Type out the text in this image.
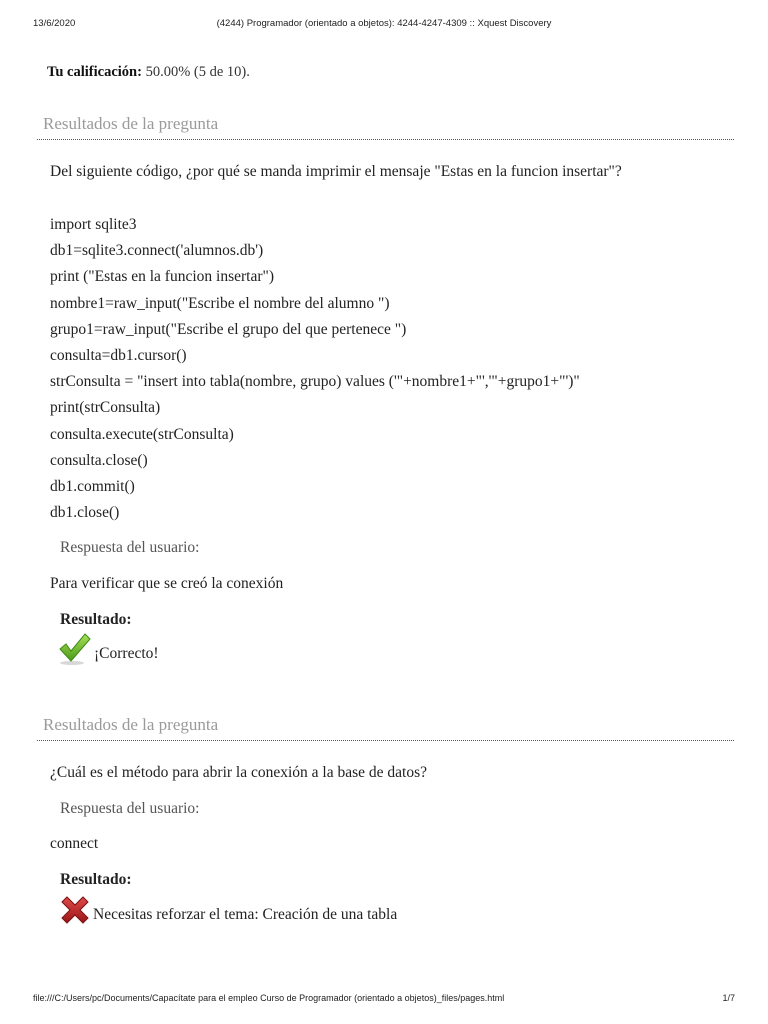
13/6/2020	(4244) Programador (orientado a objetos): 4244-4247-4309 :: Xquest Discovery
Tu calificación: 50.00% (5 de 10).
Resultados de la pregunta
Del siguiente código, ¿por qué se manda imprimir el mensaje "Estas en la funcion insertar"?
import sqlite3
db1=sqlite3.connect('alumnos.db')
print ("Estas en la funcion insertar")
nombre1=raw_input("Escribe el nombre del alumno ")
grupo1=raw_input("Escribe el grupo del que pertenece ")
consulta=db1.cursor()
strConsulta = "insert into tabla(nombre, grupo) values ('"+nombre1+"','"+grupo1+"')"
print(strConsulta)
consulta.execute(strConsulta)
consulta.close()
db1.commit()
db1.close()
Respuesta del usuario:
Para verificar que se creó la conexión
Resultado:
¡Correcto!
Resultados de la pregunta
¿Cuál es el método para abrir la conexión a la base de datos?
Respuesta del usuario:
connect
Resultado:
Necesitas reforzar el tema: Creación de una tabla
file:///C:/Users/pc/Documents/Capacítate para el empleo Curso de Programador (orientado a objetos)_files/pages.html	1/7
